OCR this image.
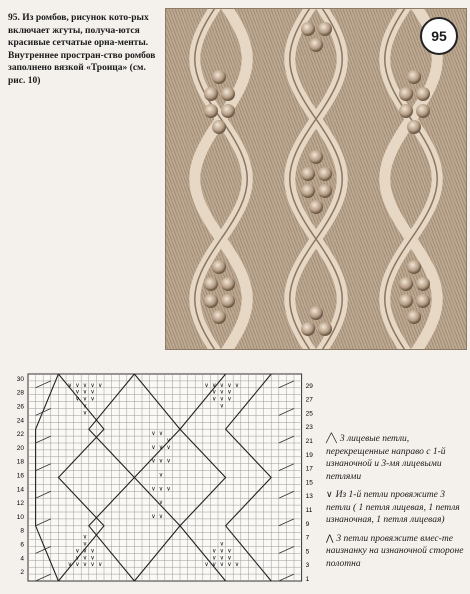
95. Из ромбов, рисунок кото-рых включает жгуты, получа-ются красивые сетчатые орна-менты. Внутреннее простран-ство ромбов заполнено вязкой «Троица» (см. рис. 10)
95
∨ ∨ ∨ ∨ ∨
∨ ∨ ∨
∨ ∨ ∨
∨
∨
∨ ∨
∨
∨ ∨ ∨
∨ ∨ ∨
∨
∨ ∨ ∨
∨
∨ ∨
∨ ∨ ∨ ∨ ∨
∨ ∨ ∨
∨ ∨ ∨
∨
∨ ∨ ∨
∨ ∨ ∨
∨
∨
∨ ∨ ∨ ∨ ∨
∨
∨ ∨ ∨
∨ ∨ ∨
∨ ∨ ∨ ∨ ∨
30
28
26
24
22
20
18
16
14
12
10
8
6
4
2
29
27
25
23
21
19
17
15
13
11
9
7
5
3
1
╱╲ 3 лицевые петли, перекрещенные направо с 1-й изнаночной и 3-мя лицевыми петлями
∨ Из 1-й петли провяжите 3 петли ( 1 петля лицевая, 1 петля изнаночная, 1 петля лицевая)
⋀ 3 петли провяжите вмес-те наизнанку на изнаночной стороне полотна
